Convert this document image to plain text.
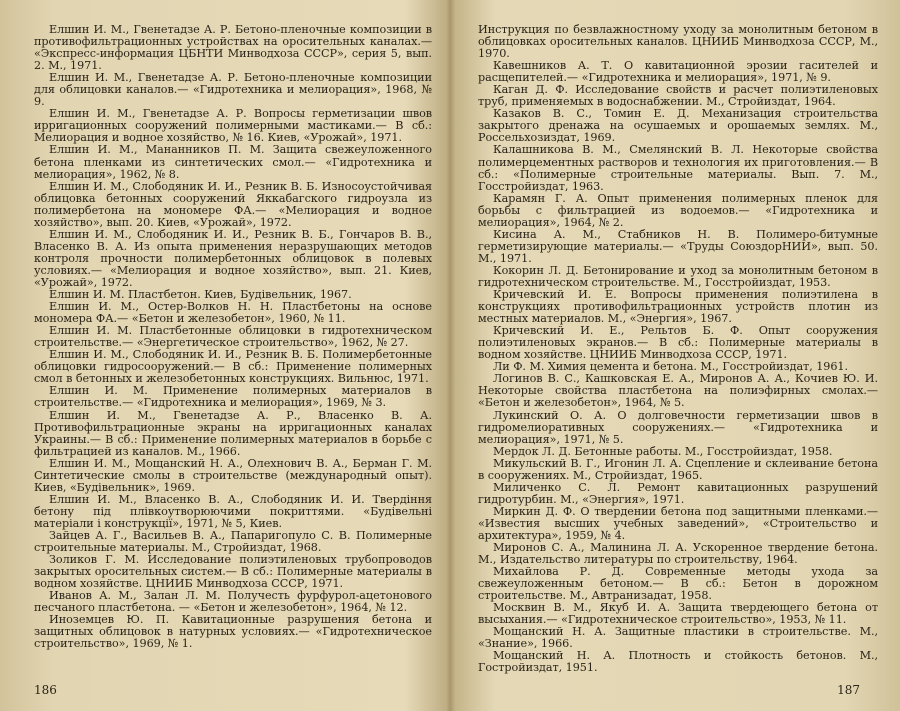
Елшин И. М., Гвенетадзе А. Р. Бетоно-пленочные композиции в противофильтрационных устройствах на оросительных каналах.— «Экспресс-информация ЦБНТИ Минводхоза СССР», серия 5, вып. 2. М., 1971.

Елшин И. М., Гвенетадзе А. Р. Бетоно-пленочные композиции для облицовки каналов.— «Гидротехника и мелиорация», 1968, № 9.

Елшин И. М., Гвенетадзе А. Р. Вопросы герметизации швов ирригационных сооружений полимерными мастиками.— В сб.: Мелиорация и водное хозяйство, № 16. Киев, «Урожай», 1971.

Елшин И. М., Мананников П. М. Защита свежеуложенного бетона пленками из синтетических смол.— «Гидротехника и мелиорация», 1962, № 8.

Елшин И. М., Слободяник И. И., Резник В. Б. Износоустойчивая облицовка бетонных сооружений Яккабагского гидроузла из полимербетона на мономере ФА.— «Мелиорация и водное хозяйство», вып. 20. Киев, «Урожай», 1972.

Елшин И. М., Слободяник И. И., Резник В. Б., Гончаров В. В., Власенко В. А. Из опыта применения неразрушающих методов контроля прочности полимербетонных облицовок в полевых условиях.— «Мелиорация и водное хозяйство», вып. 21. Киев, «Урожай», 1972.

Елшин И. М. Пластбетон. Киев, Будівельник, 1967.

Елшин И. М., Остер-Волков Н. Н. Пластбетоны на основе мономера ФА.— «Бетон и железобетон», 1960, № 11.

Елшин И. М. Пластбетонные облицовки в гидротехническом строительстве.— «Энергетическое строительство», 1962, № 27.

Елшин И. М., Слободяник И. И., Резник В. Б. Полимербетонные облицовки гидросооружений.— В сб.: Применение полимерных смол в бетонных и железобетонных конструкциях. Вильнюс, 1971.

Елшин И. М. Применение полимерных материалов в строительстве.— «Гидротехника и мелиорация», 1969, № 3.

Елшин И. М., Гвенетадзе А. Р., Власенко В. А. Противофильтрационные экраны на ирригационных каналах Украины.— В сб.: Применение полимерных материалов в борьбе с фильтрацией из каналов. М., 1966.

Елшин И. М., Мощанский Н. А., Олехнович В. А., Берман Г. М. Синтетические смолы в строительстве (международный опыт). Киев, «Будівельник», 1969.

Елшин И. М., Власенко В. А., Слободяник И. И. Твердіння бетону під плівкоутворюючими покриттями. «Будівельні матеріали і конструкції», 1971, № 5, Киев.

Зайцев А. Г., Васильев В. А., Папаригопуло С. В. Полимерные строительные материалы. М., Стройиздат, 1968.

Золиков Г. М. Исследование полиэтиленовых трубопроводов закрытых оросительных систем.— В сб.: Полимерные материалы в водном хозяйстве. ЦНИИБ Минводхоза СССР, 1971.

Иванов А. М., Залан Л. М. Получесть фурфурол-ацетонового песчаного пластбетона. — «Бетон и железобетон», 1964, № 12.

Иноземцев Ю. П. Кавитационные разрушения бетона и защитных облицовок в натурных условиях.— «Гидротехническое строительство», 1969, № 1.

186

Инструкция по безвлажностному уходу за монолитным бетоном в облицовках оросительных каналов. ЦНИИБ Минводхоза СССР, М., 1970.

Кавешников А. Т. О кавитационной эрозии гасителей и расщепителей.— «Гидротехника и мелиорация», 1971, № 9.

Каган Д. Ф. Исследование свойств и расчет полиэтиленовых труб, применяемых в водоснабжении. М., Стройиздат, 1964.

Казаков В. С., Томин Е. Д. Механизация строительства закрытого дренажа на осушаемых и орошаемых землях. М., Россельхозиздат, 1969.

Калашникова В. М., Смелянский В. Л. Некоторые свойства полимерцементных растворов и технология их приготовления.— В сб.: «Полимерные строительные материалы. Вып. 7. М., Госстройиздат, 1963.

Карамян Г. А. Опыт применения полимерных пленок для борьбы с фильтрацией из водоемов.— «Гидротехника и мелиорация», 1964, № 2.

Кисина А. М., Стабников Н. В. Полимеро-битумные герметизирующие материалы.— «Труды СоюздорНИИ», вып. 50. М., 1971.

Кокорин Л. Д. Бетонирование и уход за монолитным бетоном в гидротехническом строительстве. М., Госстройиздат, 1953.

Кричевский И. Е. Вопросы применения полиэтилена в конструкциях противофильтрационных устройств плотин из местных материалов. М., «Энергия», 1967.

Кричевский И. Е., Рельтов Б. Ф. Опыт сооружения полиэтиленовых экранов.— В сб.: Полимерные материалы в водном хозяйстве. ЦНИИБ Минводхоза СССР, 1971.

Ли Ф. М. Химия цемента и бетона. М., Госстройиздат, 1961.

Логинов В. С., Кашковская Е. А., Миронов А. А., Кочиев Ю. И. Некоторые свойства пластбетона на полиэфирных смолах.— «Бетон и железобетон», 1964, № 5.

Лукинский О. А. О долговечности герметизации швов в гидромелиоративных сооружениях.— «Гидротехника и мелиорация», 1971, № 5.

Мердок Л. Д. Бетонные работы. М., Госстройиздат, 1958.

Микульский В. Г., Игонин Л. А. Сцепление и склеивание бетона в сооружениях. М., Стройиздат, 1965.

Миличенко С. Л. Ремонт кавитационных разрушений гидротурбин. М., «Энергия», 1971.

Миркин Д. Ф. О твердении бетона под защитными пленками.— «Известия высших учебных заведений», «Строительство и архитектура», 1959, № 4.

Миронов С. А., Малинина Л. А. Ускоренное твердение бетона. М., Издательство литературы по строительству, 1964.

Михайлова Р. Д. Современные методы ухода за свежеуложенным бетоном.— В сб.: Бетон в дорожном строительстве. М., Автранизадат, 1958.

Москвин В. М., Якуб И. А. Защита твердеющего бетона от высыхания.— «Гидротехническое строительство», 1953, № 11.

Мощанский Н. А. Защитные пластики в строительстве. М., «Знание», 1966.

Мощанский Н. А. Плотность и стойкость бетонов. М., Гостройиздат, 1951.

187
